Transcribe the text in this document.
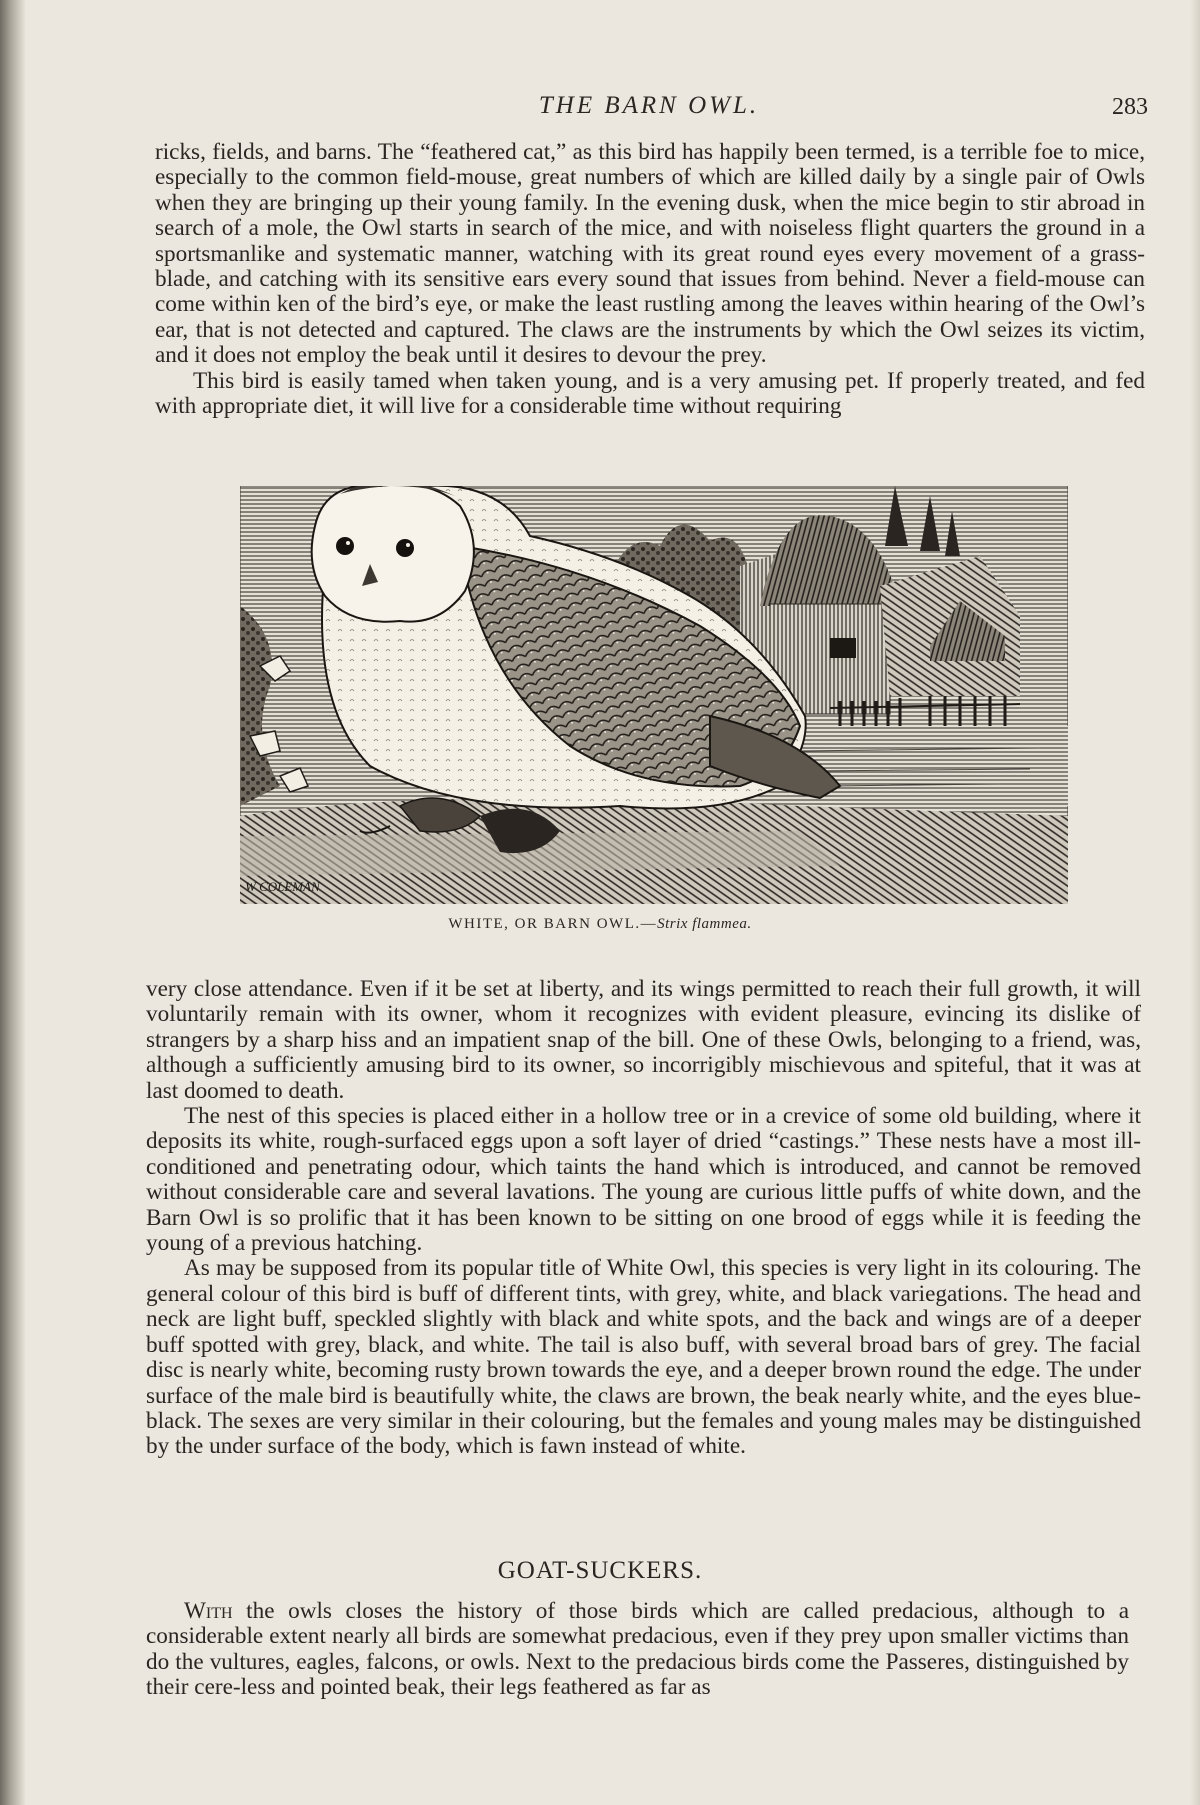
THE BARN OWL.	283

ricks, fields, and barns. The “feathered cat,” as this bird has happily been termed, is a terrible foe to mice, especially to the common field-mouse, great numbers of which are killed daily by a single pair of Owls when they are bringing up their young family. In the evening dusk, when the mice begin to stir abroad in search of a mole, the Owl starts in search of the mice, and with noiseless flight quarters the ground in a sportsmanlike and systematic manner, watching with its great round eyes every movement of a grass-blade, and catching with its sensitive ears every sound that issues from behind. Never a field-mouse can come within ken of the bird’s eye, or make the least rustling among the leaves within hearing of the Owl’s ear, that is not detected and captured. The claws are the instruments by which the Owl seizes its victim, and it does not employ the beak until it desires to devour the prey.

This bird is easily tamed when taken young, and is a very amusing pet. If properly treated, and fed with appropriate diet, it will live for a considerable time without requiring

W COLEMAN
WHITE, OR BARN OWL.—Strix flammea.

very close attendance. Even if it be set at liberty, and its wings permitted to reach their full growth, it will voluntarily remain with its owner, whom it recognizes with evident pleasure, evincing its dislike of strangers by a sharp hiss and an impatient snap of the bill. One of these Owls, belonging to a friend, was, although a sufficiently amusing bird to its owner, so incorrigibly mischievous and spiteful, that it was at last doomed to death.

The nest of this species is placed either in a hollow tree or in a crevice of some old building, where it deposits its white, rough-surfaced eggs upon a soft layer of dried “castings.” These nests have a most ill-conditioned and penetrating odour, which taints the hand which is introduced, and cannot be removed without considerable care and several lavations. The young are curious little puffs of white down, and the Barn Owl is so prolific that it has been known to be sitting on one brood of eggs while it is feeding the young of a previous hatching.

As may be supposed from its popular title of White Owl, this species is very light in its colouring. The general colour of this bird is buff of different tints, with grey, white, and black variegations. The head and neck are light buff, speckled slightly with black and white spots, and the back and wings are of a deeper buff spotted with grey, black, and white. The tail is also buff, with several broad bars of grey. The facial disc is nearly white, becoming rusty brown towards the eye, and a deeper brown round the edge. The under surface of the male bird is beautifully white, the claws are brown, the beak nearly white, and the eyes blue-black. The sexes are very similar in their colouring, but the females and young males may be distinguished by the under surface of the body, which is fawn instead of white.

GOAT-SUCKERS.

With the owls closes the history of those birds which are called predacious, although to a considerable extent nearly all birds are somewhat predacious, even if they prey upon smaller victims than do the vultures, eagles, falcons, or owls. Next to the predacious birds come the Passeres, distinguished by their cere-less and pointed beak, their legs feathered as far as
